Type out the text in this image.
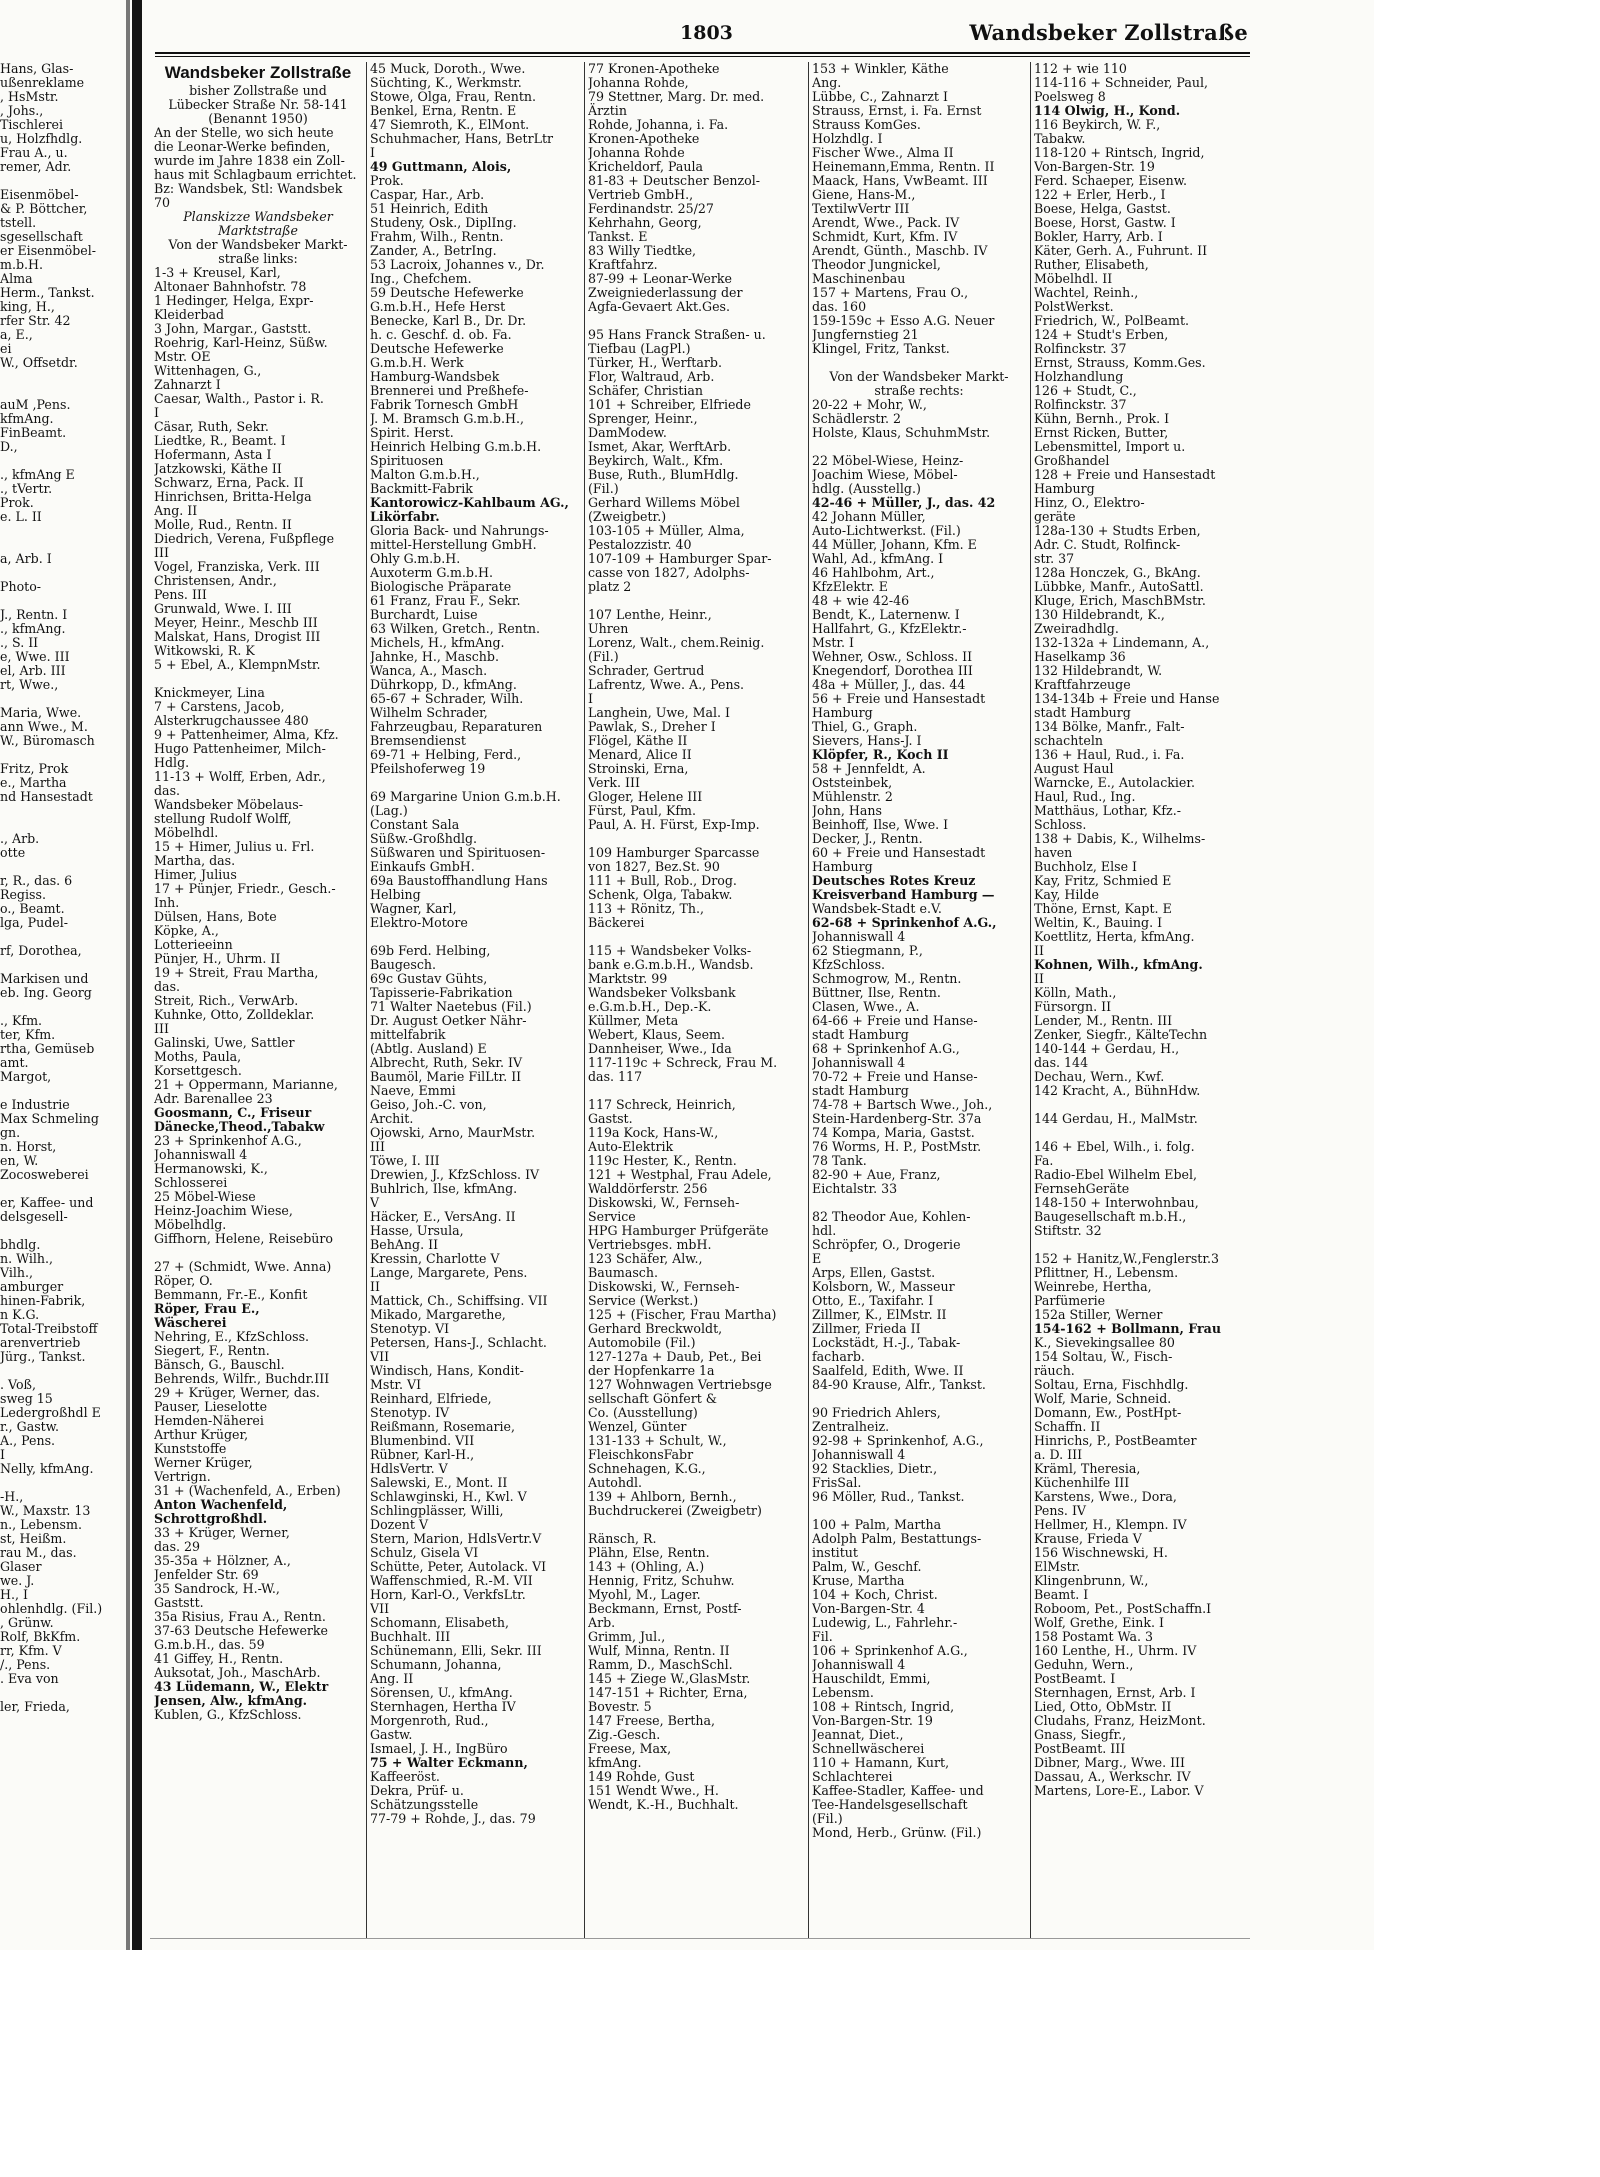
Hans, Glas-
ußenreklame
, HsMstr.
, Johs.,
Tischlerei
u, Holzfhdlg.
Frau A., u.
remer, Adr.

Eisenmöbel-
& P. Böttcher,
tstell.
sgesellschaft
er Eisenmöbel-
m.b.H.
Alma
Herm., Tankst.
king, H.,
rfer Str. 42
a, E.,
ei
W., Offsetdr.

auM ,Pens.
kfmAng.
FinBeamt.
D.,

., kfmAng E
., tVertr.
Prok.
e. L. II

a, Arb. I

Photo-

J., Rentn. I
., kfmAng.
., S. II
e, Wwe. III
el, Arb. III
rt, Wwe.,

Maria, Wwe.
ann Wwe., M.
W., Büromasch

Fritz, Prok
e., Martha
nd Hansestadt

., Arb.
otte

r, R., das. 6
Regiss.
o., Beamt.
lga, Pudel-

rf, Dorothea,

Markisen und
eb. Ing. Georg

., Kfm.
ter, Kfm.
rtha, Gemüseb
amt.
Margot,

e Industrie
Max Schmeling
gn.
n. Horst,
en, W.
Zocosweberei

er, Kaffee- und
delsgesell-

bhdlg.
n. Wilh.,
Vilh.,
amburger
hinen-Fabrik,
n K.G.
Total-Treibstoff
arenvertrieb
Jürg., Tankst.

. Voß,
sweg 15
Ledergroßhdl E
r., Gastw.
A., Pens.
I
Nelly, kfmAng.

-H.,
W., Maxstr. 13
n., Lebensm.
st, Heißm.
rau M., das.
Glaser
we. J.
H., I
ohlenhdlg. (Fil.)
, Grünw.
Rolf, BkKfm.
rr, Kfm. V
/., Pens.
. Eva von

ler, Frieda,
1803	Wandsbeker Zollstraße
Wandsbeker Zollstraße
bisher Zollstraße und
Lübecker Straße Nr. 58-141
(Benannt 1950)
An der Stelle, wo sich heute
die Leonar-Werke befinden,
wurde im Jahre 1838 ein Zoll-
haus mit Schlagbaum errichtet.
Bz: Wandsbek, Stl: Wandsbek
70
Planskizze Wandsbeker
Marktstraße
Von der Wandsbeker Markt-
straße links:
1-3 + Kreusel, Karl,
Altonaer Bahnhofstr. 78
1 Hedinger, Helga, Expr-
Kleiderbad
3 John, Margar., Gaststt.
Roehrig, Karl-Heinz, Süßw.
Mstr. OE
Wittenhagen, G.,
Zahnarzt I
Caesar, Walth., Pastor i. R.
I
Cäsar, Ruth, Sekr.
Liedtke, R., Beamt. I
Hofermann, Asta I
Jatzkowski, Käthe II
Schwarz, Erna, Pack. II
Hinrichsen, Britta-Helga
Ang. II
Molle, Rud., Rentn. II
Diedrich, Verena, Fußpflege
III
Vogel, Franziska, Verk. III
Christensen, Andr.,
Pens. III
Grunwald, Wwe. I. III
Meyer, Heinr., Meschb III
Malskat, Hans, Drogist III
Witkowski, R. K
5 + Ebel, A., KlempnMstr.

Knickmeyer, Lina
7 + Carstens, Jacob,
Alsterkrugchaussee 480
9 + Pattenheimer, Alma, Kfz.
Hugo Pattenheimer, Milch-
Hdlg.
11-13 + Wolff, Erben, Adr.,
das.
Wandsbeker Möbelaus-
stellung Rudolf Wolff,
Möbelhdl.
15 + Himer, Julius u. Frl.
Martha, das.
Himer, Julius
17 + Pünjer, Friedr., Gesch.-
Inh.
Dülsen, Hans, Bote
Köpke, A.,
Lotterieeinn
Pünjer, H., Uhrm. II
19 + Streit, Frau Martha,
das.
Streit, Rich., VerwArb.
Kuhnke, Otto, Zolldeklar.
III
Galinski, Uwe, Sattler
Moths, Paula,
Korsettgesch.
21 + Oppermann, Marianne,
Adr. Barenallee 23
Goosmann, C., Friseur
Dänecke,Theod.,Tabakw
23 + Sprinkenhof A.G.,
Johanniswall 4
Hermanowski, K.,
Schlosserei
25 Möbel-Wiese
Heinz-Joachim Wiese,
Möbelhdlg.
Giffhorn, Helene, Reisebüro

27 + (Schmidt, Wwe. Anna)
Röper, O.
Bemmann, Fr.-E., Konfit
Röper, Frau E.,
Wäscherei
Nehring, E., KfzSchloss.
Siegert, F., Rentn.
Bänsch, G., Bauschl.
Behrends, Wilfr., Buchdr.III
29 + Krüger, Werner, das.
Pauser, Lieselotte
Hemden-Näherei
Arthur Krüger,
Kunststoffe
Werner Krüger,
Vertrign.
31 + (Wachenfeld, A., Erben)
Anton Wachenfeld,
Schrottgroßhdl.
33 + Krüger, Werner,
das. 29
35-35a + Hölzner, A.,
Jenfelder Str. 69
35 Sandrock, H.-W.,
Gaststt.
35a Risius, Frau A., Rentn.
37-63 Deutsche Hefewerke
G.m.b.H., das. 59
41 Giffey, H., Rentn.
Auksotat, Joh., MaschArb.
43 Lüdemann, W., Elektr
Jensen, Alw., kfmAng.
Kublen, G., KfzSchloss.
45 Muck, Doroth., Wwe.
Süchting, K., Werkmstr.
Stowe, Olga, Frau, Rentn.
Benkel, Erna, Rentn. E
47 Siemroth, K., ElMont.
Schuhmacher, Hans, BetrLtr
I
49 Guttmann, Alois,
Prok.
Caspar, Har., Arb.
51 Heinrich, Edith
Studeny, Osk., DiplIng.
Frahm, Wilh., Rentn.
Zander, A., BetrIng.
53 Lacroix, Johannes v., Dr.
Ing., Chefchem.
59 Deutsche Hefewerke
G.m.b.H., Hefe Herst
Benecke, Karl B., Dr. Dr.
h. c. Geschf. d. ob. Fa.
Deutsche Hefewerke
G.m.b.H. Werk
Hamburg-Wandsbek
Brennerei und Preßhefe-
Fabrik Tornesch GmbH
J. M. Bramsch G.m.b.H.,
Spirit. Herst.
Heinrich Helbing G.m.b.H.
Spirituosen
Malton G.m.b.H.,
Backmitt-Fabrik
Kantorowicz-Kahlbaum AG.,
Likörfabr.
Gloria Back- und Nahrungs-
mittel-Herstellung GmbH.
Ohly G.m.b.H.
Auxoterm G.m.b.H.
Biologische Präparate
61 Franz, Frau F., Sekr.
Burchardt, Luise
63 Wilken, Gretch., Rentn.
Michels, H., kfmAng.
Jahnke, H., Maschb.
Wanca, A., Masch.
Dührkopp, D., kfmAng.
65-67 + Schrader, Wilh.
Wilhelm Schrader,
Fahrzeugbau, Reparaturen
Bremsendienst
69-71 + Helbing, Ferd.,
Pfeilshoferweg 19

69 Margarine Union G.m.b.H.
(Lag.)
Constant Sala
Süßw.-Großhdlg.
Süßwaren und Spirituosen-
Einkaufs GmbH.
69a Baustoffhandlung Hans
Helbing
Wagner, Karl,
Elektro-Motore

69b Ferd. Helbing,
Baugesch.
69c Gustav Gühts,
Tapisserie-Fabrikation
71 Walter Naetebus (Fil.)
Dr. August Oetker Nähr-
mittelfabrik
(Abtlg. Ausland) E
Albrecht, Ruth, Sekr. IV
Baumöl, Marie FilLtr. II
Naeve, Emmi
Geiso, Joh.-C. von,
Archit.
Ojowski, Arno, MaurMstr.
III
Töwe, I. III
Drewien, J., KfzSchloss. IV
Buhlrich, Ilse, kfmAng.
V
Häcker, E., VersAng. II
Hasse, Ursula,
BehAng. II
Kressin, Charlotte V
Lange, Margarete, Pens.
II
Mattick, Ch., Schiffsing. VII
Mikado, Margarethe,
Stenotyp. VI
Petersen, Hans-J., Schlacht.
VII
Windisch, Hans, Kondit-
Mstr. VI
Reinhard, Elfriede,
Stenotyp. IV
Reißmann, Rosemarie,
Blumenbind. VII
Rübner, Karl-H.,
HdlsVertr. V
Salewski, E., Mont. II
Schlawginski, H., Kwl. V
Schlingplässer, Willi,
Dozent V
Stern, Marion, HdlsVertr.V
Schulz, Gisela VI
Schütte, Peter, Autolack. VI
Waffenschmied, R.-M. VII
Horn, Karl-O., VerkfsLtr.
VII
Schomann, Elisabeth,
Buchhalt. III
Schünemann, Elli, Sekr. III
Schumann, Johanna,
Ang. II
Sörensen, U., kfmAng.
Sternhagen, Hertha IV
Morgenroth, Rud.,
Gastw.
Ismael, J. H., IngBüro
75 + Walter Eckmann,
Kaffeeröst.
Dekra, Prüf- u.
Schätzungsstelle
77-79 + Rohde, J., das. 79
77 Kronen-Apotheke
Johanna Rohde,
79 Stettner, Marg. Dr. med.
Ärztin
Rohde, Johanna, i. Fa.
Kronen-Apotheke
Johanna Rohde
Kricheldorf, Paula
81-83 + Deutscher Benzol-
Vertrieb GmbH.,
Ferdinandstr. 25/27
Kehrhahn, Georg,
Tankst. E
83 Willy Tiedtke,
Kraftfahrz.
87-99 + Leonar-Werke
Zweigniederlassung der
Agfa-Gevaert Akt.Ges.

95 Hans Franck Straßen- u.
Tiefbau (LagPl.)
Türker, H., Werftarb.
Flor, Waltraud, Arb.
Schäfer, Christian
101 + Schreiber, Elfriede
Sprenger, Heinr.,
DamModew.
Ismet, Akar, WerftArb.
Beykirch, Walt., Kfm.
Buse, Ruth., BlumHdlg.
(Fil.)
Gerhard Willems Möbel
(Zweigbetr.)
103-105 + Müller, Alma,
Pestalozzistr. 40
107-109 + Hamburger Spar-
casse von 1827, Adolphs-
platz 2

107 Lenthe, Heinr.,
Uhren
Lorenz, Walt., chem.Reinig.
(Fil.)
Schrader, Gertrud
Lafrentz, Wwe. A., Pens.
I
Langhein, Uwe, Mal. I
Pawlak, S., Dreher I
Flögel, Käthe II
Menard, Alice II
Stroinski, Erna,
Verk. III
Gloger, Helene III
Fürst, Paul, Kfm.
Paul, A. H. Fürst, Exp-Imp.

109 Hamburger Sparcasse
von 1827, Bez.St. 90
111 + Bull, Rob., Drog.
Schenk, Olga, Tabakw.
113 + Rönitz, Th.,
Bäckerei

115 + Wandsbeker Volks-
bank e.G.m.b.H., Wandsb.
Marktstr. 99
Wandsbeker Volksbank
e.G.m.b.H., Dep.-K.
Küllmer, Meta
Webert, Klaus, Seem.
Dannheiser, Wwe., Ida
117-119c + Schreck, Frau M.
das. 117

117 Schreck, Heinrich,
Gastst.
119a Kock, Hans-W.,
Auto-Elektrik
119c Hester, K., Rentn.
121 + Westphal, Frau Adele,
Walddörferstr. 256
Diskowski, W., Fernseh-
Service
HPG Hamburger Prüfgeräte
Vertriebsges. mbH.
123 Schäfer, Alw.,
Baumasch.
Diskowski, W., Fernseh-
Service (Werkst.)
125 + (Fischer, Frau Martha)
Gerhard Breckwoldt,
Automobile (Fil.)
127-127a + Daub, Pet., Bei
der Hopfenkarre 1a
127 Wohnwagen Vertriebsge
sellschaft Gönfert &
Co. (Ausstellung)
Wenzel, Günter
131-133 + Schult, W.,
FleischkonsFabr
Schnehagen, K.G.,
Autohdl.
139 + Ahlborn, Bernh.,
Buchdruckerei (Zweigbetr)

Ränsch, R.
Plähn, Else, Rentn.
143 + (Ohling, A.)
Hennig, Fritz, Schuhw.
Myohl, M., Lager.
Beckmann, Ernst, Postf-
Arb.
Grimm, Jul.,
Wulf, Minna, Rentn. II
Ramm, D., MaschSchl.
145 + Ziege W.,GlasMstr.
147-151 + Richter, Erna,
Bovestr. 5
147 Freese, Bertha,
Zig.-Gesch.
Freese, Max,
kfmAng.
149 Rohde, Gust
151 Wendt Wwe., H.
Wendt, K.-H., Buchhalt.
153 + Winkler, Käthe
Ang.
Lübbe, C., Zahnarzt I
Strauss, Ernst, i. Fa. Ernst
Strauss KomGes.
Holzhdlg. I
Fischer Wwe., Alma II
Heinemann,Emma, Rentn. II
Maack, Hans, VwBeamt. III
Giene, Hans-M.,
TextilwVertr III
Arendt, Wwe., Pack. IV
Schmidt, Kurt, Kfm. IV
Arendt, Günth., Maschb. IV
Theodor Jungnickel,
Maschinenbau
157 + Martens, Frau O.,
das. 160
159-159c + Esso A.G. Neuer
Jungfernstieg 21
Klingel, Fritz, Tankst.

Von der Wandsbeker Markt-
straße rechts:
20-22 + Mohr, W.,
Schädlerstr. 2
Holste, Klaus, SchuhmMstr.

22 Möbel-Wiese, Heinz-
Joachim Wiese, Möbel-
hdlg. (Ausstellg.)
42-46 + Müller, J., das. 42
42 Johann Müller,
Auto-Lichtwerkst. (Fil.)
44 Müller, Johann, Kfm. E
Wahl, Ad., kfmAng. I
46 Hahlbohm, Art.,
KfzElektr. E
48 + wie 42-46
Bendt, K., Laternenw. I
Hallfahrt, G., KfzElektr.-
Mstr. I
Wehner, Osw., Schloss. II
Knegendorf, Dorothea III
48a + Müller, J., das. 44
56 + Freie und Hansestadt
Hamburg
Thiel, G., Graph.
Sievers, Hans-J. I
Klöpfer, R., Koch II
58 + Jennfeldt, A.
Oststeinbek,
Mühlenstr. 2
John, Hans
Beinhoff, Ilse, Wwe. I
Decker, J., Rentn.
60 + Freie und Hansestadt
Hamburg
Deutsches Rotes Kreuz
Kreisverband Hamburg —
Wandsbek-Stadt e.V.
62-68 + Sprinkenhof A.G.,
Johanniswall 4
62 Stiegmann, P.,
KfzSchloss.
Schmogrow, M., Rentn.
Büttner, Ilse, Rentn.
Clasen, Wwe., A.
64-66 + Freie und Hanse-
stadt Hamburg
68 + Sprinkenhof A.G.,
Johanniswall 4
70-72 + Freie und Hanse-
stadt Hamburg
74-78 + Bartsch Wwe., Joh.,
Stein-Hardenberg-Str. 37a
74 Kompa, Maria, Gastst.
76 Worms, H. P., PostMstr.
78 Tank.
82-90 + Aue, Franz,
Eichtalstr. 33

82 Theodor Aue, Kohlen-
hdl.
Schröpfer, O., Drogerie
E
Arps, Ellen, Gastst.
Kolsborn, W., Masseur
Otto, E., Taxifahr. I
Zillmer, K., ElMstr. II
Zillmer, Frieda II
Lockstädt, H.-J., Tabak-
facharb.
Saalfeld, Edith, Wwe. II
84-90 Krause, Alfr., Tankst.

90 Friedrich Ahlers,
Zentralheiz.
92-98 + Sprinkenhof, A.G.,
Johanniswall 4
92 Stacklies, Dietr.,
FrisSal.
96 Möller, Rud., Tankst.

100 + Palm, Martha
Adolph Palm, Bestattungs-
institut
Palm, W., Geschf.
Kruse, Martha
104 + Koch, Christ.
Von-Bargen-Str. 4
Ludewig, L., Fahrlehr.-
Fil.
106 + Sprinkenhof A.G.,
Johanniswall 4
Hauschildt, Emmi,
Lebensm.
108 + Rintsch, Ingrid,
Von-Bargen-Str. 19
Jeannat, Diet.,
Schnellwäscherei
110 + Hamann, Kurt,
Schlachterei
Kaffee-Stadler, Kaffee- und
Tee-Handelsgesellschaft
(Fil.)
Mond, Herb., Grünw. (Fil.)
112 + wie 110
114-116 + Schneider, Paul,
Poelsweg 8
114 Olwig, H., Kond.
116 Beykirch, W. F.,
Tabakw.
118-120 + Rintsch, Ingrid,
Von-Bargen-Str. 19
Ferd. Schaeper, Eisenw.
122 + Erler, Herb., I
Boese, Helga, Gastst.
Boese, Horst, Gastw. I
Bokler, Harry, Arb. I
Käter, Gerh. A., Fuhrunt. II
Ruther, Elisabeth,
Möbelhdl. II
Wachtel, Reinh.,
PolstWerkst.
Friedrich, W., PolBeamt.
124 + Studt's Erben,
Rolfinckstr. 37
Ernst, Strauss, Komm.Ges.
Holzhandlung
126 + Studt, C.,
Rolfinckstr. 37
Kühn, Bernh., Prok. I
Ernst Ricken, Butter,
Lebensmittel, Import u.
Großhandel
128 + Freie und Hansestadt
Hamburg
Hinz, O., Elektro-
geräte
128a-130 + Studts Erben,
Adr. C. Studt, Rolfinck-
str. 37
128a Honczek, G., BkAng.
Lübbke, Manfr., AutoSattl.
Kluge, Erich, MaschBMstr.
130 Hildebrandt, K.,
Zweiradhdlg.
132-132a + Lindemann, A.,
Haselkamp 36
132 Hildebrandt, W.
Kraftfahrzeuge
134-134b + Freie und Hanse
stadt Hamburg
134 Bölke, Manfr., Falt-
schachteln
136 + Haul, Rud., i. Fa.
August Haul
Warncke, E., Autolackier.
Haul, Rud., Ing.
Matthäus, Lothar, Kfz.-
Schloss.
138 + Dabis, K., Wilhelms-
haven
Buchholz, Else I
Kay, Fritz, Schmied E
Kay, Hilde
Thöne, Ernst, Kapt. E
Weltin, K., Bauing. I
Koettlitz, Herta, kfmAng.
II
Kohnen, Wilh., kfmAng.
II
Kölln, Math.,
Fürsorgn. II
Lender, M., Rentn. III
Zenker, Siegfr., KälteTechn
140-144 + Gerdau, H.,
das. 144
Dechau, Wern., Kwf.
142 Kracht, A., BühnHdw.

144 Gerdau, H., MalMstr.

146 + Ebel, Wilh., i. folg.
Fa.
Radio-Ebel Wilhelm Ebel,
FernsehGeräte
148-150 + Interwohnbau,
Baugesellschaft m.b.H.,
Stiftstr. 32

152 + Hanitz,W.,Fenglerstr.3
Pflittner, H., Lebensm.
Weinrebe, Hertha,
Parfümerie
152a Stiller, Werner
154-162 + Bollmann, Frau
K., Sievekingsallee 80
154 Soltau, W., Fisch-
räuch.
Soltau, Erna, Fischhdlg.
Wolf, Marie, Schneid.
Domann, Ew., PostHpt-
Schaffn. II
Hinrichs, P., PostBeamter
a. D. III
Kräml, Theresia,
Küchenhilfe III
Karstens, Wwe., Dora,
Pens. IV
Hellmer, H., Klempn. IV
Krause, Frieda V
156 Wischnewski, H.
ElMstr.
Klingenbrunn, W.,
Beamt. I
Roboom, Pet., PostSchaffn.I
Wolf, Grethe, Eink. I
158 Postamt Wa. 3
160 Lenthe, H., Uhrm. IV
Geduhn, Wern.,
PostBeamt. I
Sternhagen, Ernst, Arb. I
Lied, Otto, ObMstr. II
Cludahs, Franz, HeizMont.
Gnass, Siegfr.,
PostBeamt. III
Dibner, Marg., Wwe. III
Dassau, A., Werkschr. IV
Martens, Lore-E., Labor. V
